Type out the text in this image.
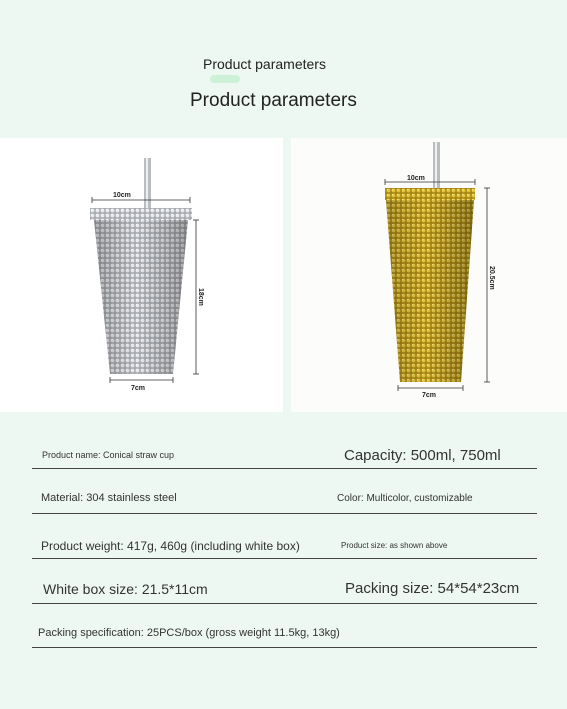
Product parameters
Product parameters
10cm
18cm
7cm
10cm
20.5cm
7cm
Product name: Conical straw cup	Capacity: 500ml, 750ml
Material: 304 stainless steel	Color: Multicolor, customizable
Product weight: 417g, 460g (including white box)	Product size: as shown above
White box size: 21.5*11cm	Packing size: 54*54*23cm
Packing specification: 25PCS/box (gross weight 11.5kg, 13kg)
